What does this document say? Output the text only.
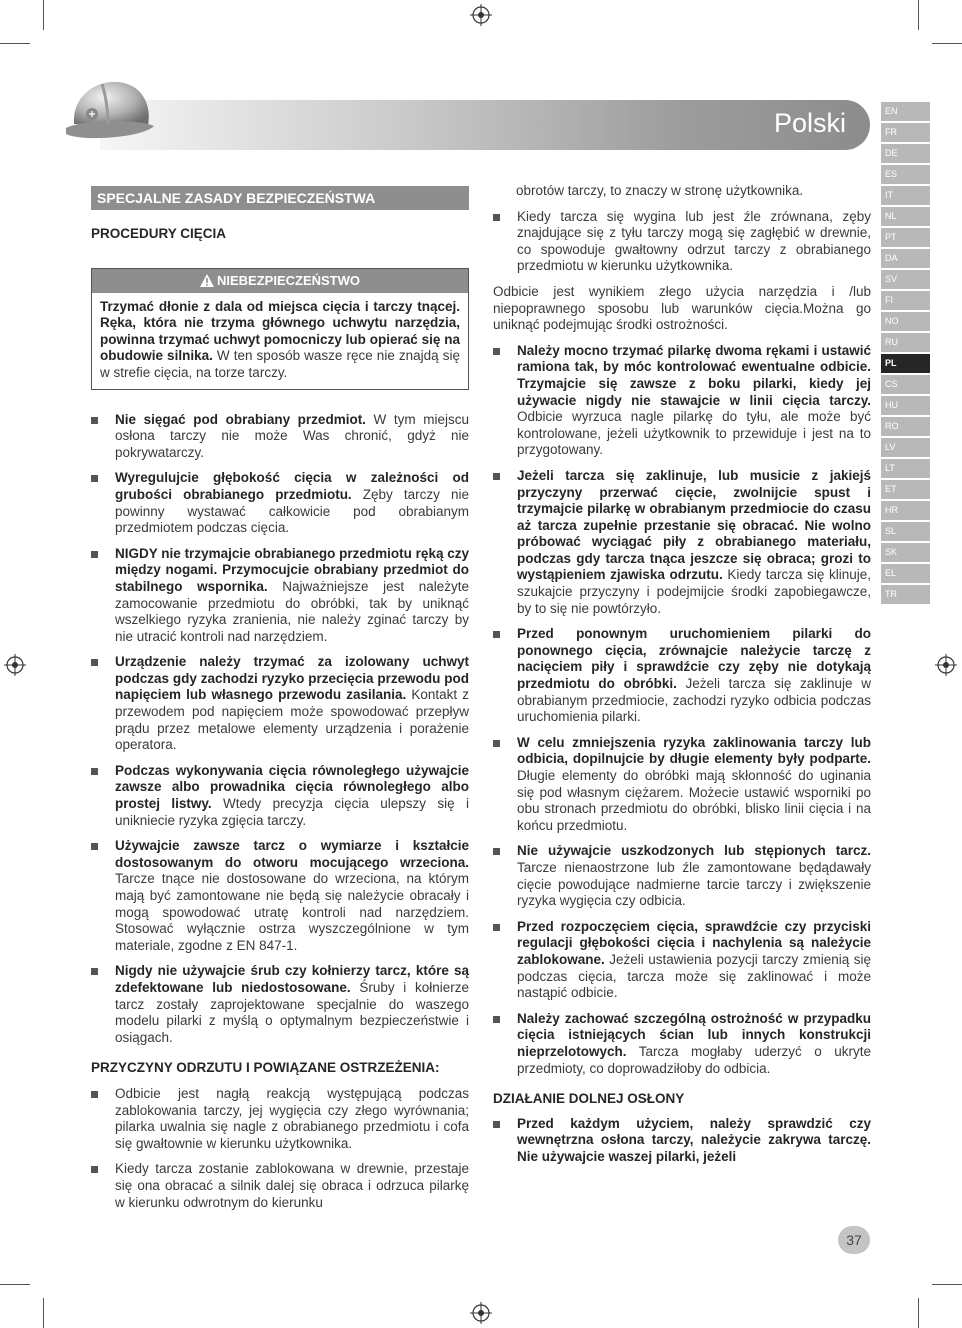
Polski	EN
FR
DE
ES
IT
NL
PT
DA
SV
FI
NO
RU
PL
CS
HU
RO
LV
LT
ET
HR
SL
SK
EL
TR
SPECJALNE ZASADY BEZPIECZEŃSTWA
PROCEDURY CIĘCIA
NIEBEZPIECZEŃSTWO
Trzymać dłonie z dala od miejsca cięcia i tarczy tnącej. Ręka, która nie trzyma głównego uchwytu narzędzia, powinna trzymać uchwyt pomocniczy lub opierać się na obudowie silnika. W ten sposób wasze ręce nie znajdą się w strefie cięcia, na torze tarczy.
Nie sięgać pod obrabiany przedmiot. W tym miejscu osłona tarczy nie może Was chronić, gdyż nie pokrywatarczy.
Wyregulujcie głębokość cięcia w zależności od grubości obrabianego przedmiotu. Zęby tarczy nie powinny wystawać całkowicie pod obrabianym przedmiotem podczas cięcia.
NIGDY nie trzymajcie obrabianego przedmiotu ręką czy między nogami. Przymocujcie obrabiany przedmiot do stabilnego wspornika. Najważniejsze jest należyte zamocowanie przedmiotu do obróbki, tak by uniknąć wszelkiego ryzyka zranienia, nie należy zginać tarczy by nie utracić kontroli nad narzędziem.
Urządzenie należy trzymać za izolowany uchwyt podczas gdy zachodzi ryzyko przecięcia przewodu pod napięciem lub własnego przewodu zasilania. Kontakt z przewodem pod napięciem może spowodować przepływ prądu przez metalowe elementy urządzenia i porażenie operatora.
Podczas wykonywania cięcia równoległego używajcie zawsze albo prowadnika cięcia równoległego albo prostej listwy. Wtedy precyzja cięcia ulepszy się i unikniecie ryzyka zgięcia tarczy.
Używajcie zawsze tarcz o wymiarze i kształcie dostosowanym do otworu mocującego wrzeciona. Tarcze tnące nie dostosowane do wrzeciona, na którym mają być zamontowane nie będą się należycie obracały i mogą spowodować utratę kontroli nad narzędziem. Stosować wyłącznie ostrza wyszczególnione w tym materiale, zgodne z EN 847-1.
Nigdy nie używajcie śrub czy kołnierzy tarcz, które są zdefektowane lub niedostosowane. Śruby i kołnierze tarcz zostały zaprojektowane specjalnie do waszego modelu pilarki z myślą o optymalnym bezpieczeństwie i osiągach.
PRZYCZYNY ODRZUTU I POWIĄZANE OSTRZEŻENIA:
Odbicie jest nagłą reakcją występującą podczas zablokowania tarczy, jej wygięcia czy złego wyrównania; pilarka uwalnia się nagle z obrabianego przedmiotu i cofa się gwałtownie w kierunku użytkownika.
Kiedy tarcza zostanie zablokowana w drewnie, przestaje się ona obracać a silnik dalej się obraca i odrzuca pilarkę w kierunku odwrotnym do kierunku

obrotów tarczy, to znaczy w stronę użytkownika.

Kiedy tarcza się wygina lub jest źle zrównana, zęby znajdujące się z tyłu tarczy mogą się zagłębić w drewnie, co spowoduje gwałtowny odrzut tarczy z obrabianego przedmiotu w kierunku użytkownika.

Odbicie jest wynikiem złego użycia narzędzia i /lub niepoprawnego sposobu lub warunków cięcia.Można go uniknąć podejmując środki ostrożności.

Należy mocno trzymać pilarkę dwoma rękami i ustawić ramiona tak, by móc kontrolować ewentualne odbicie. Trzymajcie się zawsze z boku pilarki, kiedy jej używacie nigdy nie stawajcie w linii cięcia tarczy. Odbicie wyrzuca nagle pilarkę do tyłu, ale może być kontrolowane, jeżeli użytkownik to przewiduje i jest na to przygotowany.
Jeżeli tarcza się zaklinuje, lub musicie z jakiejś przyczyny przerwać cięcie, zwolnijcie spust i trzymajcie pilarkę w obrabianym przedmiocie do czasu aż tarcza zupełnie przestanie się obracać. Nie wolno próbować wyciągać piły z obrabianego materiału, podczas gdy tarcza tnąca jeszcze się obraca; grozi to wystąpieniem zjawiska odrzutu. Kiedy tarcza się klinuje, szukajcie przyczyny i podejmijcie środki zapobiegawcze, by to się nie powtórzyło.
Przed ponownym uruchomieniem pilarki do ponownego cięcia, zrównajcie należycie tarczę z nacięciem piły i sprawdźcie czy zęby nie dotykają przedmiotu do obróbki. Jeżeli tarcza się zaklinuje w obrabianym przedmiocie, zachodzi ryzyko odbicia podczas uruchomienia pilarki.
W celu zmniejszenia ryzyka zaklinowania tarczy lub odbicia, dopilnujcie by długie elementy były podparte. Długie elementy do obróbki mają skłonność do uginania się pod własnym ciężarem. Możecie ustawić wsporniki po obu stronach przedmiotu do obróbki, blisko linii cięcia i na końcu przedmiotu.
Nie używajcie uszkodzonych lub stępionych tarcz. Tarcze nienaostrzone lub źle zamontowane będądawały cięcie powodujące nadmierne tarcie tarczy i zwiększenie ryzyka wygięcia czy odbicia.
Przed rozpoczęciem cięcia, sprawdźcie czy przyciski regulacji głębokości cięcia i nachylenia są należycie zablokowane. Jeżeli ustawienia pozycji tarczy zmienią się podczas cięcia, tarcza może się zaklinować i może nastąpić odbicie.
Należy zachować szczególną ostrożność w przypadku cięcia istniejących ścian lub innych konstrukcji nieprzelotowych. Tarcza mogłaby uderzyć o ukryte przedmioty, co doprowadziłoby do odbicia.
DZIAŁANIE DOLNEJ OSŁONY
Przed każdym użyciem, należy sprawdzić czy wewnętrzna osłona tarczy, należycie zakrywa tarczę. Nie używajcie waszej pilarki, jeżeli
37
